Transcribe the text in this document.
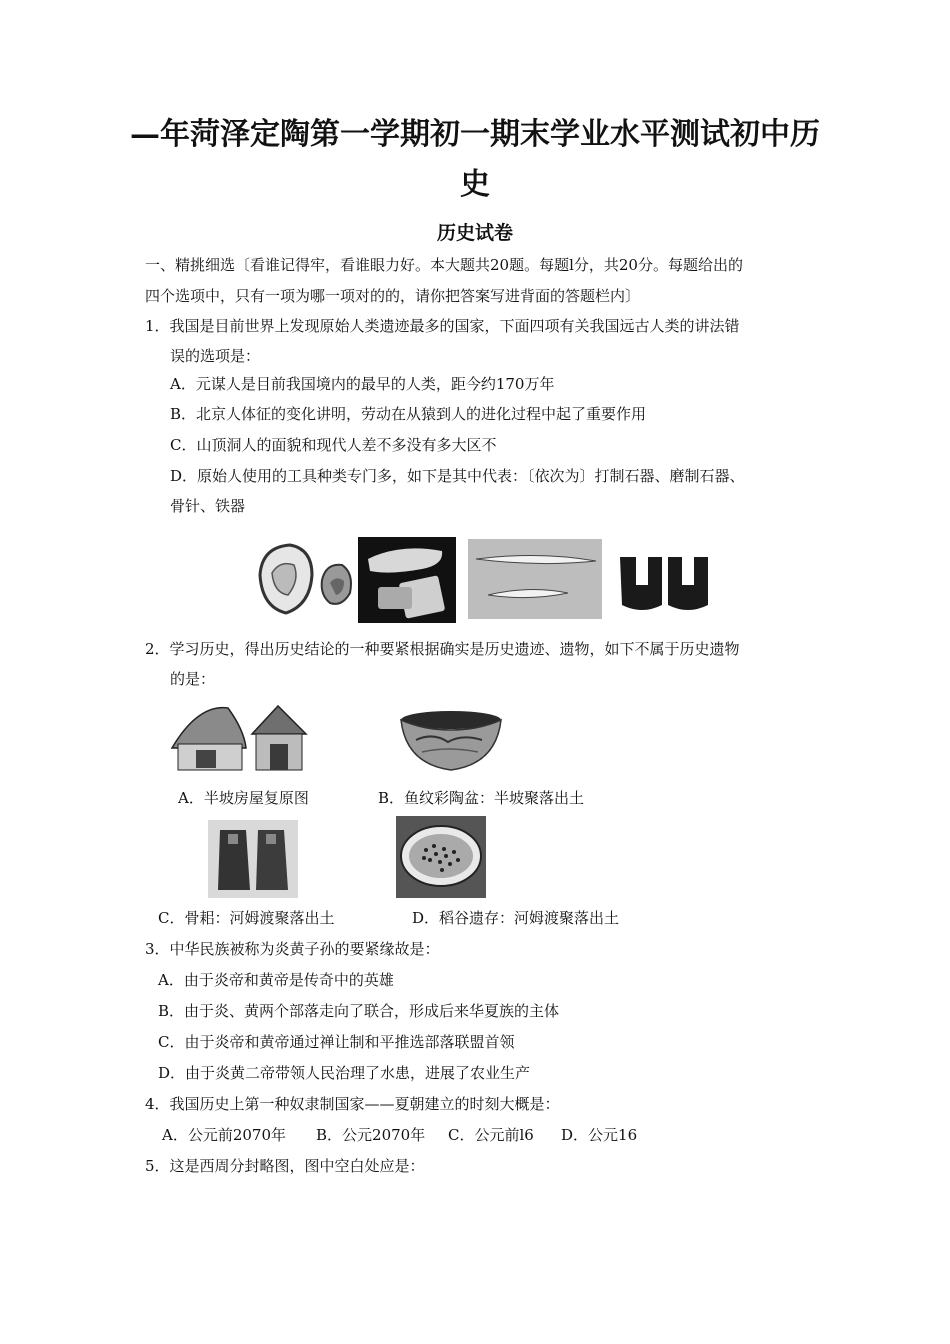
—年菏泽定陶第一学期初一期末学业水平测试初中历
史
历史试卷
一、精挑细选〔看谁记得牢，看谁眼力好。本大题共20题。每题l分，共20分。每题给出的
四个选项中，只有一项为哪一项对的的，请你把答案写进背面的答题栏内〕
1．我国是目前世界上发现原始人类遗迹最多的国家，下面四项有关我国远古人类的讲法错
误的选项是：
A．元谋人是目前我国境内的最早的人类，距今约170万年
B．北京人体征的变化讲明，劳动在从猿到人的进化过程中起了重要作用
C．山顶洞人的面貌和现代人差不多没有多大区不
D．原始人使用的工具种类专门多，如下是其中代表：〔依次为〕打制石器、磨制石器、
骨针、铁器
2．学习历史，得出历史结论的一种要紧根据确实是历史遗迹、遗物，如下不属于历史遗物
的是：
A．半坡房屋复原图	B．鱼纹彩陶盆：半坡聚落出土
C．骨耜：河姆渡聚落出土	D．稻谷遗存：河姆渡聚落出土
3．中华民族被称为炎黄子孙的要紧缘故是：
A．由于炎帝和黄帝是传奇中的英雄
B．由于炎、黄两个部落走向了联合，形成后来华夏族的主体
C．由于炎帝和黄帝通过禅让制和平推选部落联盟首领
D．由于炎黄二帝带领人民治理了水患，进展了农业生产
4．我国历史上第一种奴隶制国家——夏朝建立的时刻大概是：
A．公元前2070年 B．公元2070年 C．公元前l6 D．公元16
5．这是西周分封略图，图中空白处应是：
